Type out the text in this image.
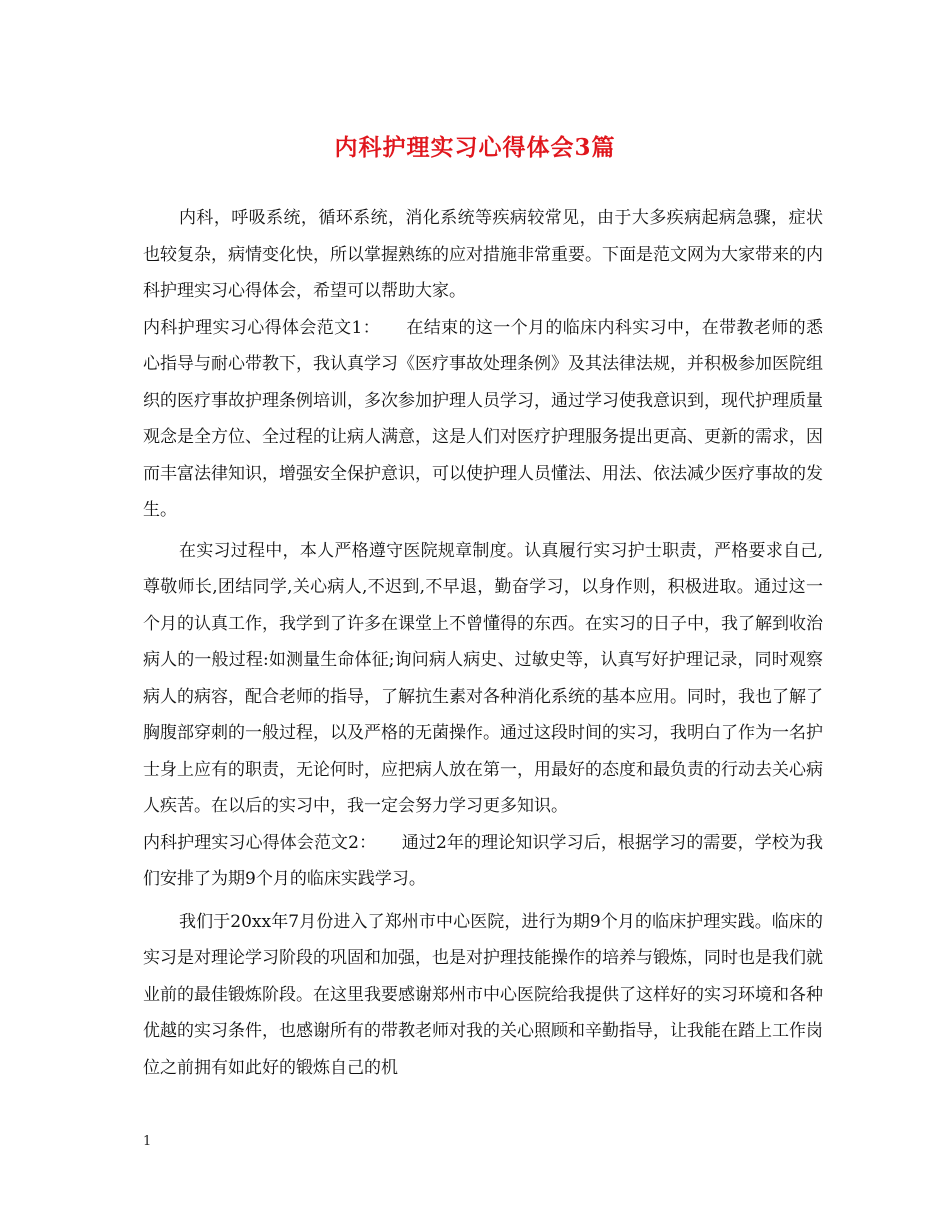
内科护理实习心得体会3篇

内科，呼吸系统，循环系统，消化系统等疾病较常见，由于大多疾病起病急骤，症状也较复杂，病情变化快，所以掌握熟练的应对措施非常重要。下面是范文网为大家带来的内科护理实习心得体会，希望可以帮助大家。

内科护理实习心得体会范文1：　　在结束的这一个月的临床内科实习中，在带教老师的悉心指导与耐心带教下，我认真学习《医疗事故处理条例》及其法律法规，并积极参加医院组织的医疗事故护理条例培训，多次参加护理人员学习，通过学习使我意识到，现代护理质量观念是全方位、全过程的让病人满意，这是人们对医疗护理服务提出更高、更新的需求，因而丰富法律知识，增强安全保护意识，可以使护理人员懂法、用法、依法减少医疗事故的发生。

在实习过程中，本人严格遵守医院规章制度。认真履行实习护士职责，严格要求自己,尊敬师长,团结同学,关心病人,不迟到,不早退，勤奋学习，以身作则，积极进取。通过这一个月的认真工作，我学到了许多在课堂上不曾懂得的东西。在实习的日子中，我了解到收治病人的一般过程:如测量生命体征;询问病人病史、过敏史等，认真写好护理记录，同时观察病人的病容，配合老师的指导，了解抗生素对各种消化系统的基本应用。同时，我也了解了胸腹部穿刺的一般过程，以及严格的无菌操作。通过这段时间的实习，我明白了作为一名护士身上应有的职责，无论何时，应把病人放在第一，用最好的态度和最负责的行动去关心病人疾苦。在以后的实习中，我一定会努力学习更多知识。

内科护理实习心得体会范文2：　　通过2年的理论知识学习后，根据学习的需要，学校为我们安排了为期9个月的临床实践学习。

我们于20xx年7月份进入了郑州市中心医院，进行为期9个月的临床护理实践。临床的实习是对理论学习阶段的巩固和加强，也是对护理技能操作的培养与锻炼，同时也是我们就业前的最佳锻炼阶段。在这里我要感谢郑州市中心医院给我提供了这样好的实习环境和各种优越的实习条件，也感谢所有的带教老师对我的关心照顾和辛勤指导，让我能在踏上工作岗位之前拥有如此好的锻炼自己的机

1
